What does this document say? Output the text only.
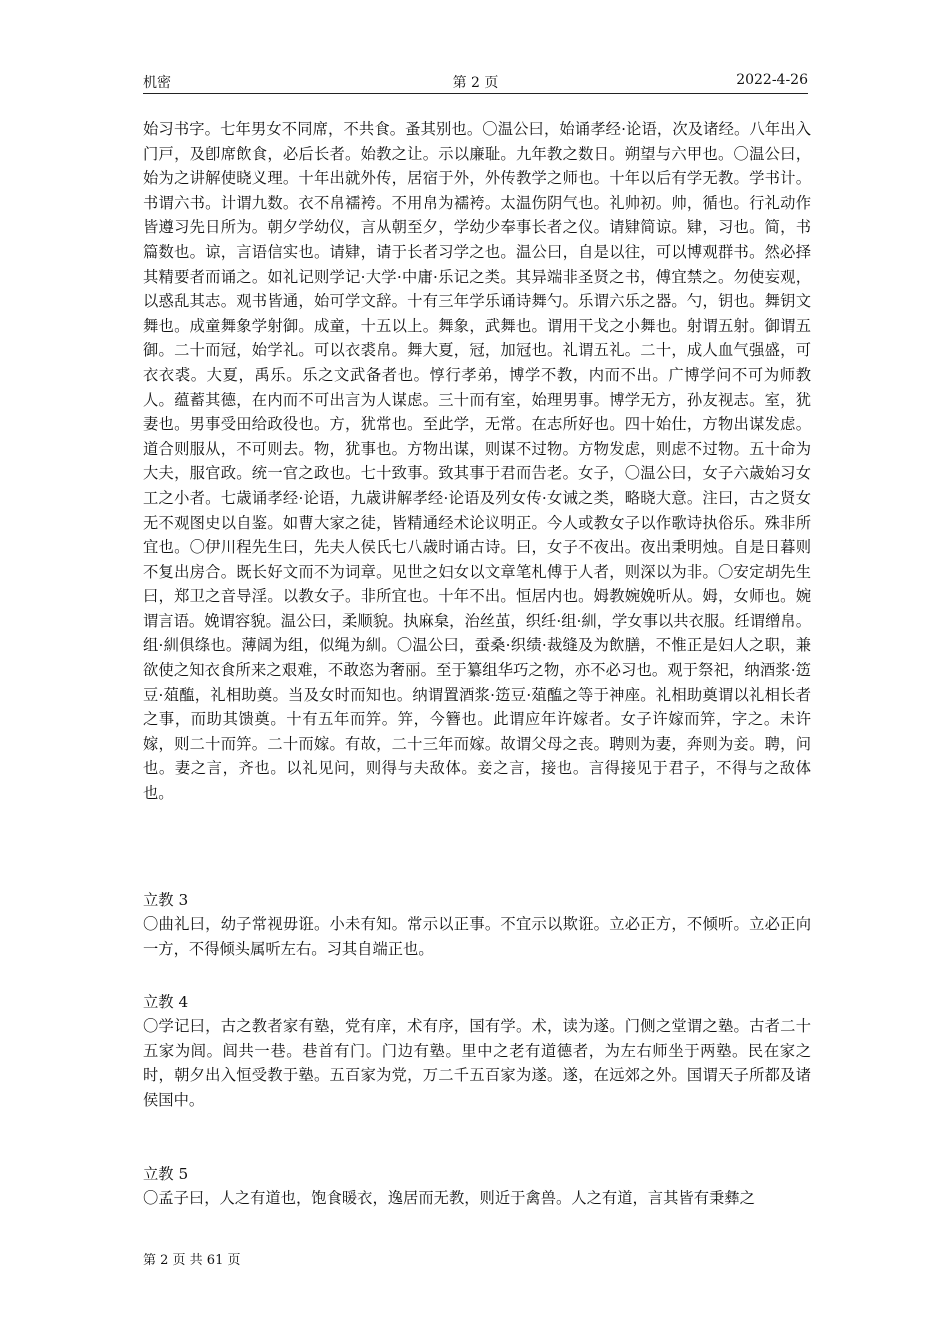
机密	第 2 页	2022-4-26

始习书字。七年男女不同席，不共食。蚤其别也。〇温公曰，始诵孝经·论语，次及诸经。八年出入门戸，及卽席飲食，必后长者。始教之让。示以廉耻。九年教之数日。朔望与六甲也。〇温公曰，始为之讲解使晓义理。十年出就外传，居宿于外，外传教学之师也。十年以后有学无教。学书计。书谓六书。计谓九数。衣不帛襦袴。不用帛为襦袴。太温伤阴气也。礼帅初。帅，循也。行礼动作皆遵习先日所为。朝夕学幼仪，言从朝至夕，学幼少奉事长者之仪。请肄简谅。肄，习也。简，书篇数也。谅，言语信实也。请肄，请于长者习学之也。温公曰，自是以往，可以博观群书。然必择其精要者而诵之。如礼记则学记·大学·中庸·乐记之类。其异端非圣贤之书，傅宜禁之。勿使妄观，以惑乱其志。观书皆通，始可学文辞。十有三年学乐诵诗舞勺。乐谓六乐之器。勺，钥也。舞钥文舞也。成童舞象学射御。成童，十五以上。舞象，武舞也。谓用干戈之小舞也。射谓五射。御谓五御。二十而冠，始学礼。可以衣裘帛。舞大夏，冠，加冠也。礼谓五礼。二十，成人血气强盛，可衣衣裘。大夏，禹乐。乐之文武备者也。惇行孝弟，博学不教，内而不出。广博学问不可为师教人。蕴蓄其德，在内而不可出言为人谋虑。三十而有室，始理男事。博学无方，孙友视志。室，犹妻也。男事受田给政役也。方，犹常也。至此学，无常。在志所好也。四十始仕，方物出谋发虑。道合则服从，不可则去。物，犹事也。方物出谋，则谋不过物。方物发虑，则虑不过物。五十命为大夫，服官政。统一官之政也。七十致事。致其事于君而告老。女子，〇温公曰，女子六歳始习女工之小者。七歳诵孝经·论语，九歳讲解孝经·论语及列女传·女诫之类，略晓大意。注曰，古之贤女无不观图史以自鉴。如曹大家之徒，皆精通经术论议明正。今人或教女子以作歌诗执俗乐。殊非所宜也。〇伊川程先生曰，先夫人侯氏七八歳时诵古诗。曰，女子不夜出。夜出秉明烛。自是日暮则不复出房合。既长好文而不为词章。见世之妇女以文章笔札傅于人者，则深以为非。〇安定胡先生曰，郑卫之音导淫。以教女子。非所宜也。十年不出。恒居内也。姆教婉娩听从。姆，女师也。婉谓言语。娩谓容貌。温公曰，柔顺貌。执麻枲，治丝茧，织纴·组·紃，学女事以共衣服。纴谓缯帛。组·紃俱绦也。薄阔为组，似绳为紃。〇温公曰，蚕桑·织绩·裁缝及为飲膳，不惟正是妇人之职，兼欲使之知衣食所来之艰难，不敢恣为奢丽。至于纂组华巧之物，亦不必习也。观于祭祀，纳酒浆·笾豆·葅醢，礼相助奠。当及女时而知也。纳谓置酒浆·笾豆·葅醢之等于神座。礼相助奠谓以礼相长者之事，而助其馈奠。十有五年而笄。笄，今簪也。此谓应年许嫁者。女子许嫁而笄，字之。未许嫁，则二十而笄。二十而嫁。有故，二十三年而嫁。故谓父母之丧。聘则为妻，奔则为妾。聘，问也。妻之言，齐也。以礼见问，则得与夫敌体。妾之言，接也。言得接见于君子，不得与之敌体也。

立教 3

〇曲礼曰，幼子常视毋诳。小未有知。常示以正事。不宜示以欺诳。立必正方，不倾听。立必正向一方，不得倾头属听左右。习其自端正也。

立教 4

〇学记曰，古之教者家有塾，党有庠，术有序，国有学。术，读为遂。门侧之堂谓之塾。古者二十五家为闾。闾共一巷。巷首有门。门边有塾。里中之老有道德者，为左右师坐于两塾。民在家之时，朝夕出入恒受教于塾。五百家为党，万二千五百家为遂。遂，在远郊之外。国谓天子所都及诸侯国中。

立教 5

〇孟子曰，人之有道也，饱食暖衣，逸居而无教，则近于禽兽。人之有道，言其皆有秉彝之

第 2 页 共 61 页
